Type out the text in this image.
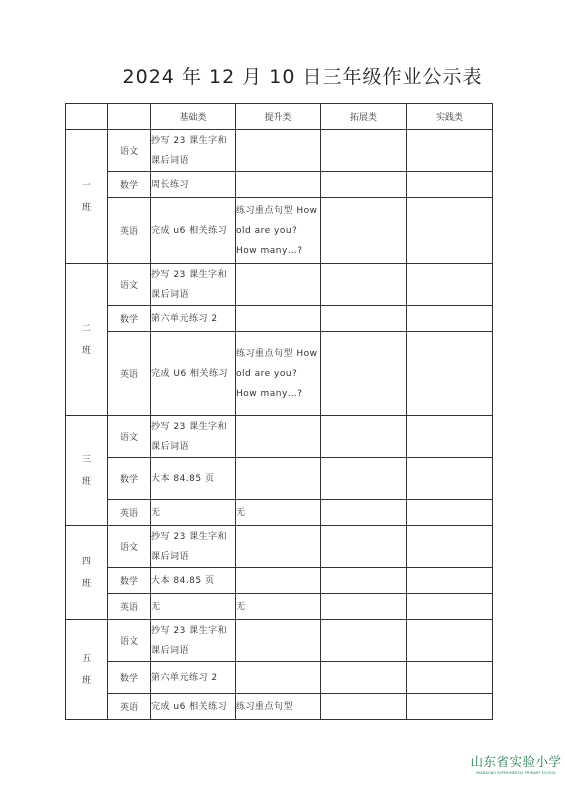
2024 年 12 月 10 日三年级作业公示表
		基础类	提升类	拓展类	实践类

一
班	语文	抄写 23 课生字和课后词语			
	数学	周长练习			
	英语	完成 u6 相关练习	练习重点句型 How old are you? How many…?		

二
班	语文	抄写 23 课生字和课后词语			
	数学	第六单元练习 2			
	英语	完成 U6 相关练习	练习重点句型 How old are you? How many…?		

三
班	语文	抄写 23 课生字和课后词语			
	数学	大本 84.85 页			
	英语	无	无		

四
班	语文	抄写 23 课生字和课后词语			
	数学	大本 84.85 页			
	英语	无	无		

五
班	语文	抄写 23 课生字和课后词语			
	数学	第六单元练习 2			
	英语	完成 u6 相关练习	练习重点句型		
山东省实验小学
SHANDONG EXPERIMENTAL PRIMARY SCHOOL
